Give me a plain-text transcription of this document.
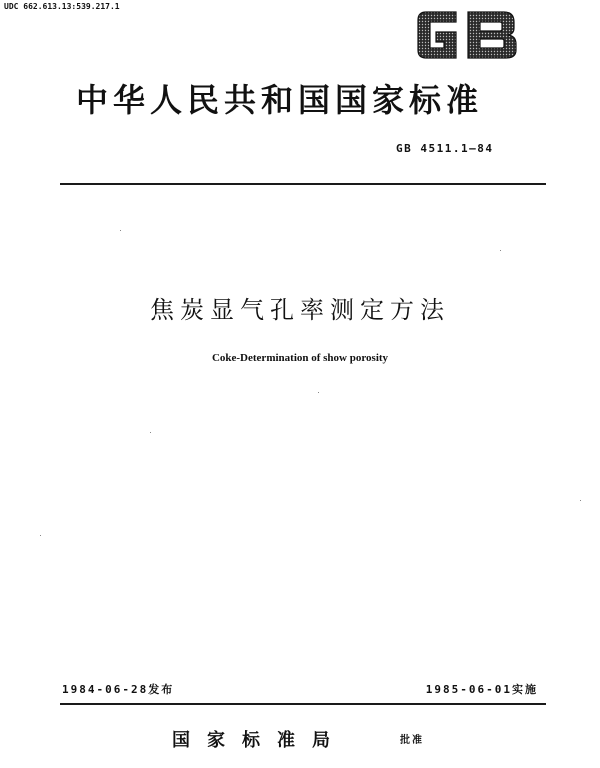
UDC 662.613.13:539.217.1
中华人民共和国国家标准
GB 4511.1—84
焦炭显气孔率测定方法
Coke-Determination of show porosity
1984-06-28发布	1985-06-01实施
国家标准局	批准
